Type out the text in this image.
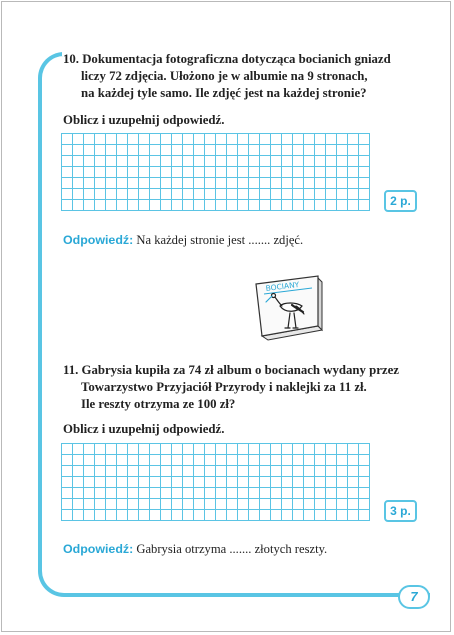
10. Dokumentacja fotograficzna dotycząca bocianich gniazd
liczy 72 zdjęcia. Ułożono je w albumie na 9 stronach,
na każdej tyle samo. Ile zdjęć jest na każdej stronie?
Oblicz i uzupełnij odpowiedź.
2 p.
Odpowiedź: Na każdej stronie jest ....... zdjęć.
BOCIANY
11. Gabrysia kupiła za 74 zł album o bocianach wydany przez
Towarzystwo Przyjaciół Przyrody i naklejki za 11 zł.
Ile reszty otrzyma ze 100 zł?
Oblicz i uzupełnij odpowiedź.
3 p.
Odpowiedź: Gabrysia otrzyma ....... złotych reszty.
7
